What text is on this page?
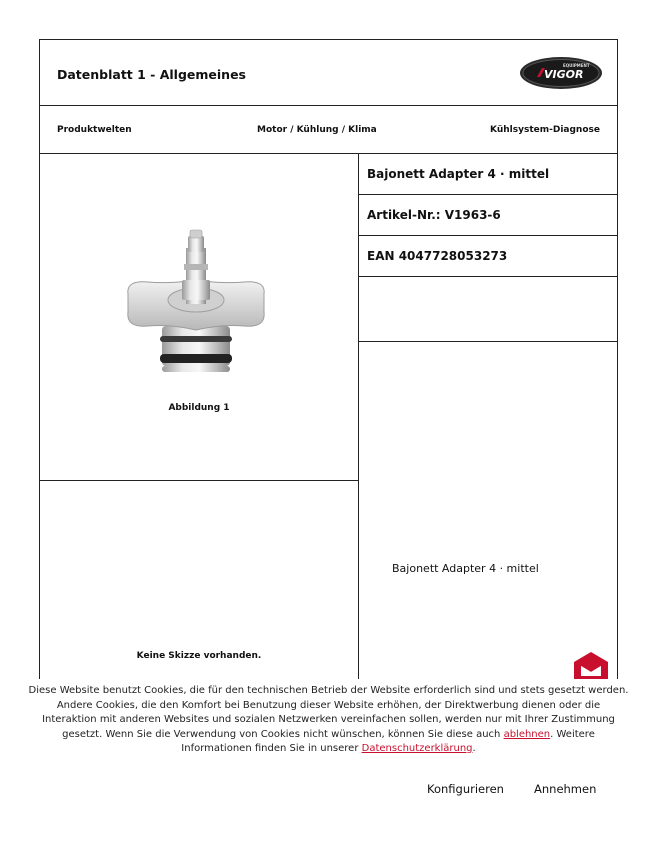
Datenblatt 1 - Allgemeines	VIGOR
EQUIPMENT
Produktwelten	Motor / Kühlung / Klima	Kühlsystem-Diagnose
Abbildung 1
Keine Skizze vorhanden.
Bajonett Adapter 4 · mittel
Artikel-Nr.: V1963-6
EAN 4047728053273
Bajonett Adapter 4 · mittel
Diese Website benutzt Cookies, die für den technischen Betrieb der Website erforderlich sind und stets gesetzt werden. Andere Cookies, die den Komfort bei Benutzung dieser Website erhöhen, der Direktwerbung dienen oder die Interaktion mit anderen Websites und sozialen Netzwerken vereinfachen sollen, werden nur mit Ihrer Zustimmung gesetzt. Wenn Sie die Verwendung von Cookies nicht wünschen, können Sie diese auch ablehnen. Weitere Informationen finden Sie in unserer Datenschutzerklärung.
Konfigurieren	Annehmen
